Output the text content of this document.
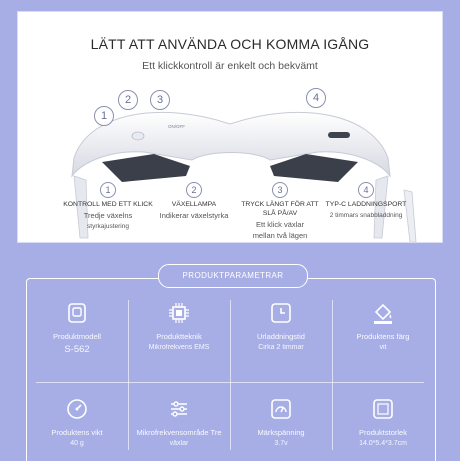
LÄTT ATT ANVÄNDA OCH KOMMA IGÅNG
Ett klickkontroll är enkelt och bekvämt
ON/OFF
1
2	3	4
1
KONTROLL MED ETT KLICK
Tredje växelns
styrkajustering
2
VÄXELLAMPA
Indikerar växelstyrka
3
TRYCK LÄNGT FÖR ATT SLÅ PÅ/AV
Ett klick växlar
mellan två lägen
4
TYP-C LADDNINGSPORT
2 timmars snabbladdning
PRODUKTPARAMETRAR
Produktmodell
S-562
Produktteknik
Mikrofrekvens EMS
Urladdningstid
Cirka 2 timmar
Produktens färg
vit
Produktens vikt
40 g
Mikrofrekvensområde Tre
växlar
Märkspänning
3.7v
Produktstorlek
14.0*5.4*3.7cm
